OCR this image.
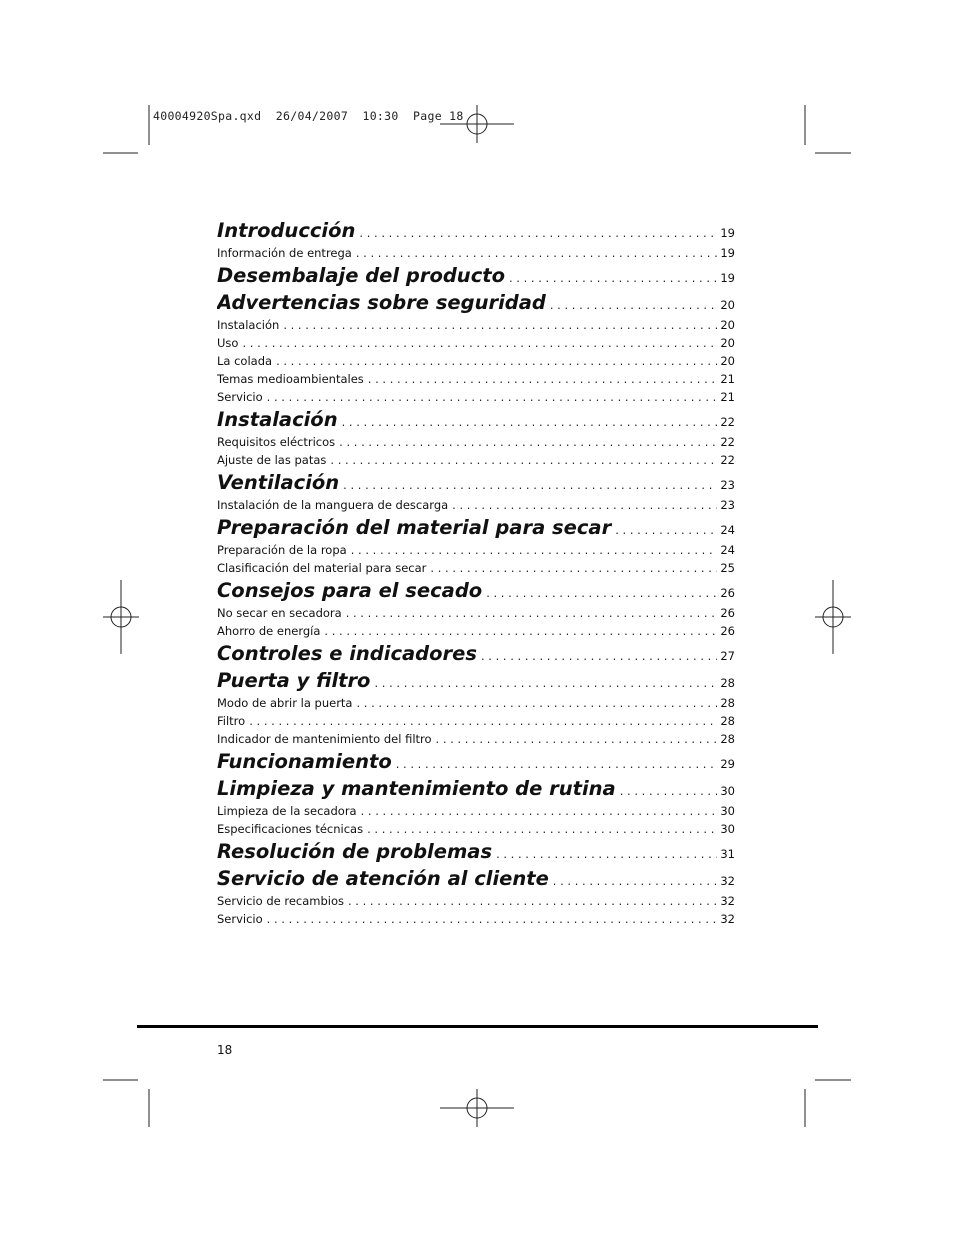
40004920Spa.qxd  26/04/2007  10:30  Page 18
Introducción . . .	19
Información de entrega . . .	19
Desembalaje del producto . . .	19
Advertencias sobre seguridad . . .	20
Instalación . . .	20
Uso . . .	20
La colada . . .	20
Temas medioambientales . . .	21
Servicio . . .	21
Instalación . . .	22
Requisitos eléctricos . . .	22
Ajuste de las patas . . .	22
Ventilación . . .	23
Instalación de la manguera de descarga . . .	23
Preparación del material para secar . . .	24
Preparación de la ropa . . .	24
Clasificación del material para secar . . .	25
Consejos para el secado . . .	26
No secar en secadora . . .	26
Ahorro de energía . . .	26
Controles e indicadores . . .	27
Puerta y filtro . . .	28
Modo de abrir la puerta . . .	28
Filtro . . .	28
Indicador de mantenimiento del filtro . . .	28
Funcionamiento . . .	29
Limpieza y mantenimiento de rutina . . .	30
Limpieza de la secadora . . .	30
Especificaciones técnicas . . .	30
Resolución de problemas . . .	31
Servicio de atención al cliente . . .	32
Servicio de recambios . . .	32
Servicio . . .	32
18
